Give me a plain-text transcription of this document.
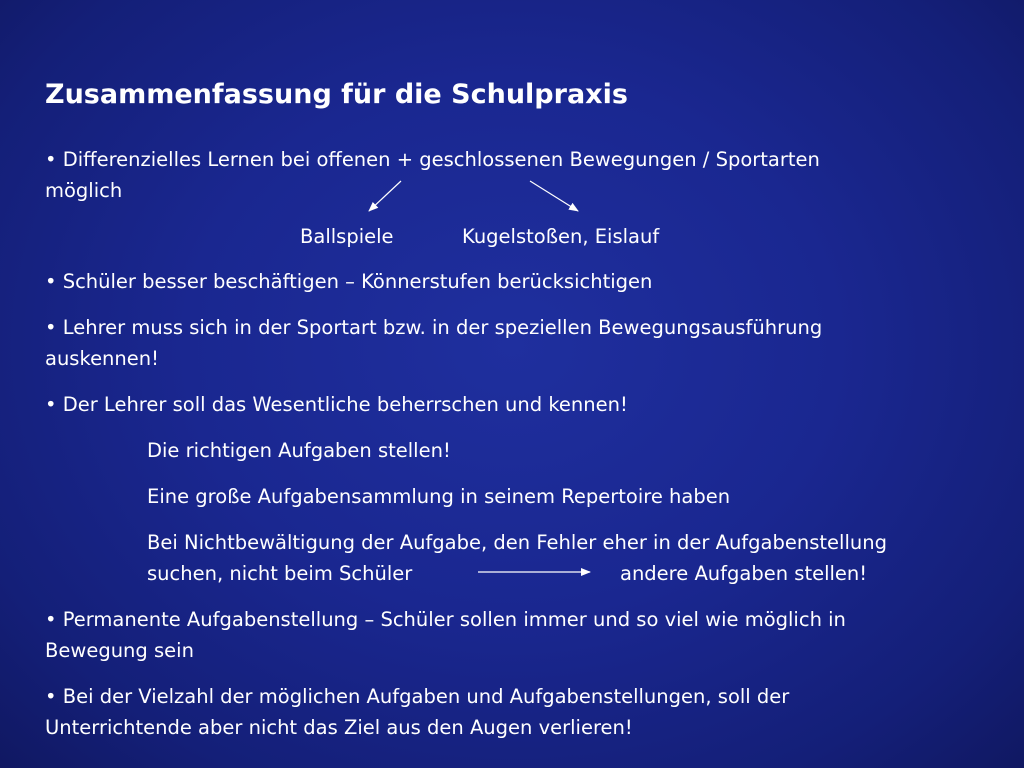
Zusammenfassung für die Schulpraxis
• Differenzielles Lernen bei offenen + geschlossenen Bewegungen / Sportarten
möglich
Ballspiele	Kugelstoßen, Eislauf
• Schüler besser beschäftigen – Könnerstufen berücksichtigen
• Lehrer muss sich in der Sportart bzw. in der speziellen Bewegungsausführung
auskennen!
• Der Lehrer soll das Wesentliche beherrschen und kennen!
Die richtigen Aufgaben stellen!
Eine große Aufgabensammlung in seinem Repertoire haben
Bei Nichtbewältigung der Aufgabe, den Fehler eher in der Aufgabenstellung
suchen, nicht beim Schüler	andere Aufgaben stellen!
• Permanente Aufgabenstellung – Schüler sollen immer und so viel wie möglich in
Bewegung sein
• Bei der Vielzahl der möglichen Aufgaben und Aufgabenstellungen, soll der
Unterrichtende aber nicht das Ziel aus den Augen verlieren!
